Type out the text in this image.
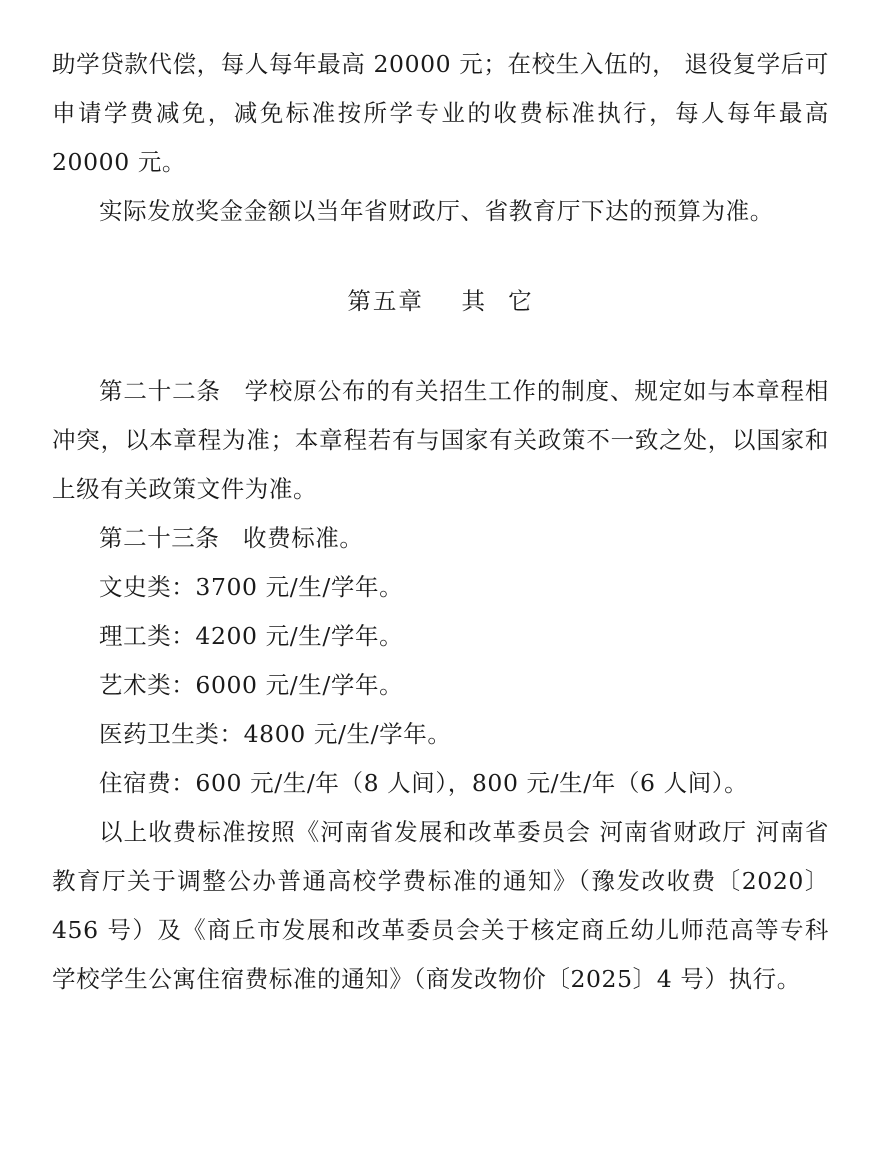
助学贷款代偿，每人每年最高 20000 元；在校生入伍的， 退役复学后可申请学费减免，减免标准按所学专业的收费标准执行，每人每年最高 20000 元。

实际发放奖金金额以当年省财政厅、省教育厅下达的预算为准。

第五章 其 它

第二十二条 学校原公布的有关招生工作的制度、规定如与本章程相冲突，以本章程为准；本章程若有与国家有关政策不一致之处，以国家和上级有关政策文件为准。

第二十三条 收费标准。

文史类：3700 元/生/学年。

理工类：4200 元/生/学年。

艺术类：6000 元/生/学年。

医药卫生类：4800 元/生/学年。

住宿费：600 元/生/年（8 人间），800 元/生/年（6 人间）。

以上收费标准按照《河南省发展和改革委员会 河南省财政厅 河南省教育厅关于调整公办普通高校学费标准的通知》（豫发改收费〔2020〕456 号）及《商丘市发展和改革委员会关于核定商丘幼儿师范高等专科学校学生公寓住宿费标准的通知》（商发改物价〔2025〕4 号）执行。
